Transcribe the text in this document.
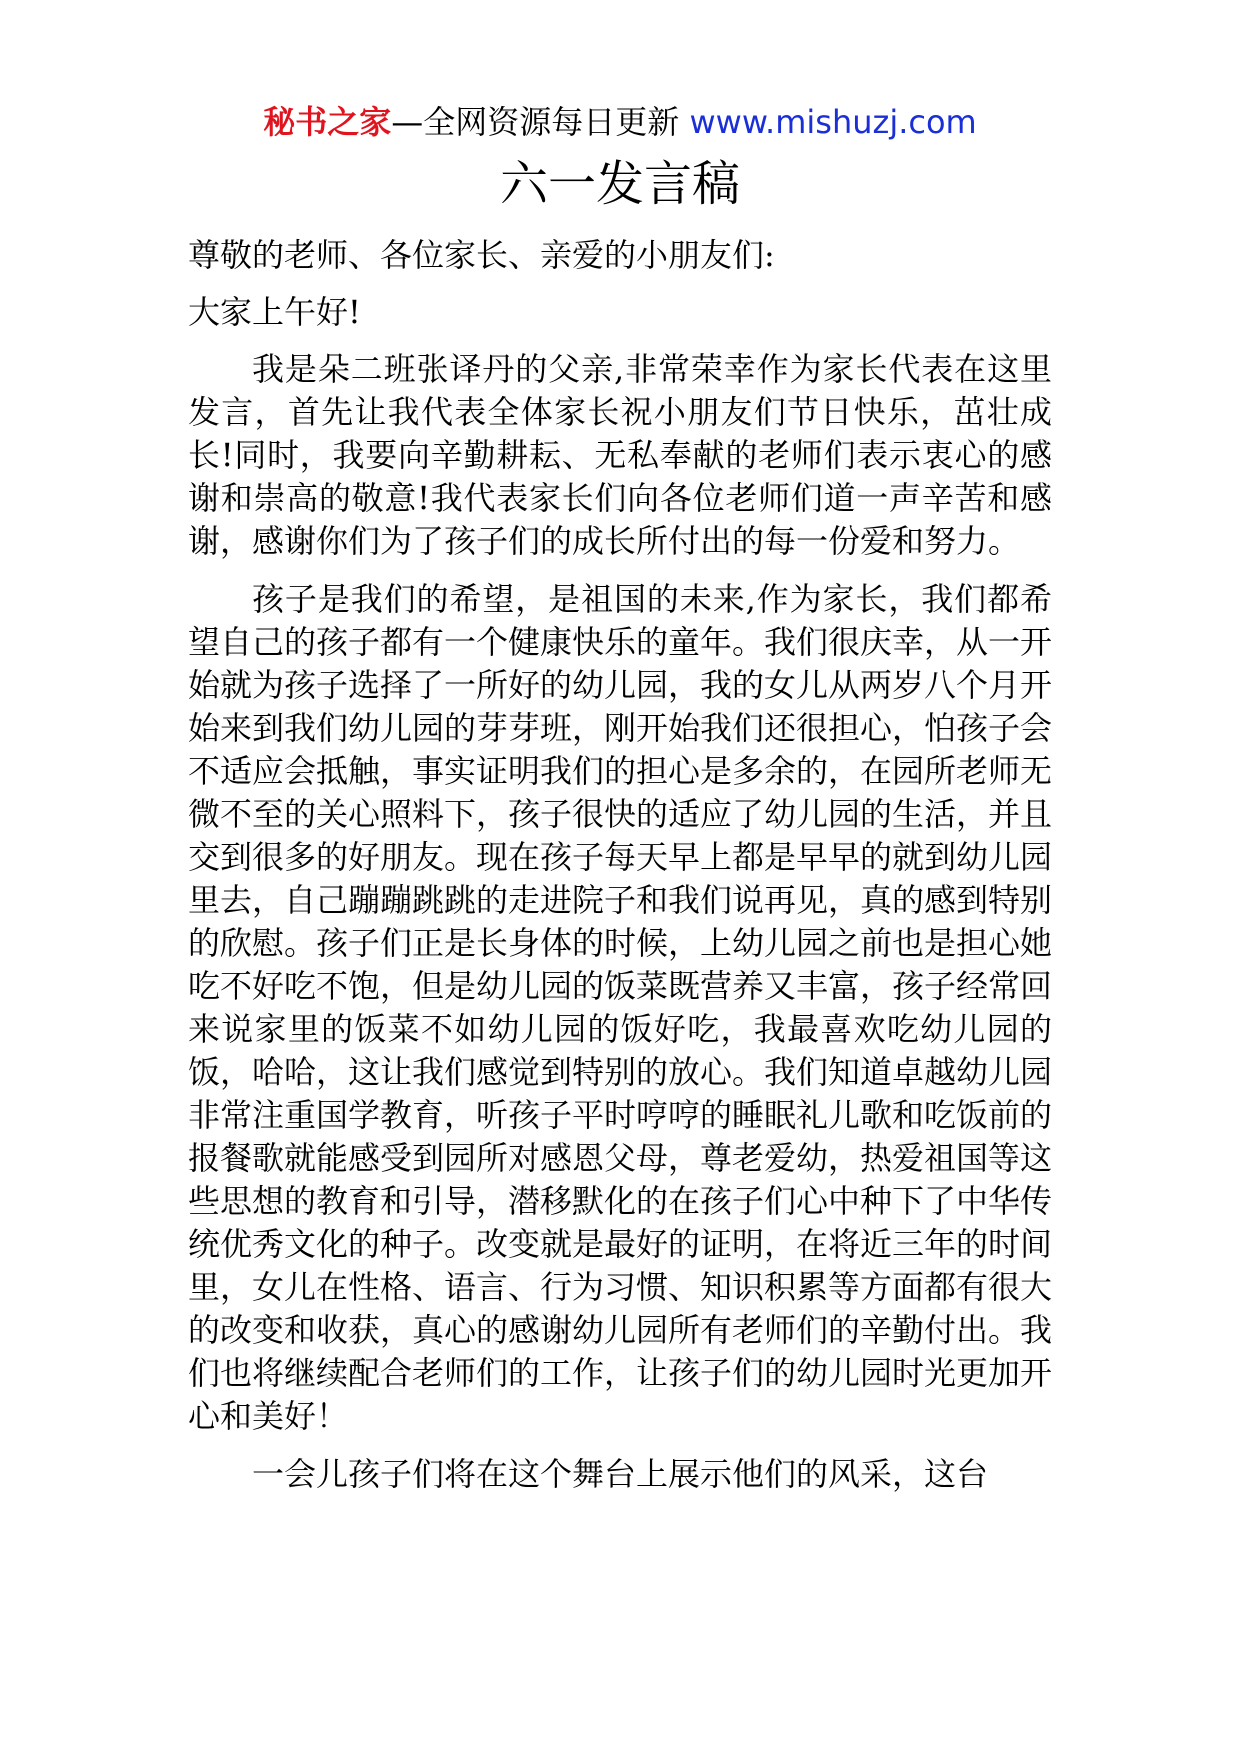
秘书之家—全网资源每日更新 www.mishuzj.com
六一发言稿

尊敬的老师、各位家长、亲爱的小朋友们:

大家上午好!

我是朵二班张译丹的父亲,非常荣幸作为家长代表在这里发言，首先让我代表全体家长祝小朋友们节日快乐，茁壮成长!同时，我要向辛勤耕耘、无私奉献的老师们表示衷心的感谢和崇高的敬意!我代表家长们向各位老师们道一声辛苦和感谢，感谢你们为了孩子们的成长所付出的每一份爱和努力。

孩子是我们的希望，是祖国的未来,作为家长，我们都希望自己的孩子都有一个健康快乐的童年。我们很庆幸，从一开始就为孩子选择了一所好的幼儿园，我的女儿从两岁八个月开始来到我们幼儿园的芽芽班，刚开始我们还很担心，怕孩子会不适应会抵触，事实证明我们的担心是多余的，在园所老师无微不至的关心照料下，孩子很快的适应了幼儿园的生活，并且交到很多的好朋友。现在孩子每天早上都是早早的就到幼儿园里去，自己蹦蹦跳跳的走进院子和我们说再见，真的感到特别的欣慰。孩子们正是长身体的时候，上幼儿园之前也是担心她吃不好吃不饱，但是幼儿园的饭菜既营养又丰富，孩子经常回来说家里的饭菜不如幼儿园的饭好吃，我最喜欢吃幼儿园的饭，哈哈，这让我们感觉到特别的放心。我们知道卓越幼儿园非常注重国学教育，听孩子平时哼哼的睡眠礼儿歌和吃饭前的报餐歌就能感受到园所对感恩父母，尊老爱幼，热爱祖国等这些思想的教育和引导，潜移默化的在孩子们心中种下了中华传统优秀文化的种子。改变就是最好的证明，在将近三年的时间里，女儿在性格、语言、行为习惯、知识积累等方面都有很大的改变和收获，真心的感谢幼儿园所有老师们的辛勤付出。我们也将继续配合老师们的工作，让孩子们的幼儿园时光更加开心和美好！

一会儿孩子们将在这个舞台上展示他们的风采，这台
